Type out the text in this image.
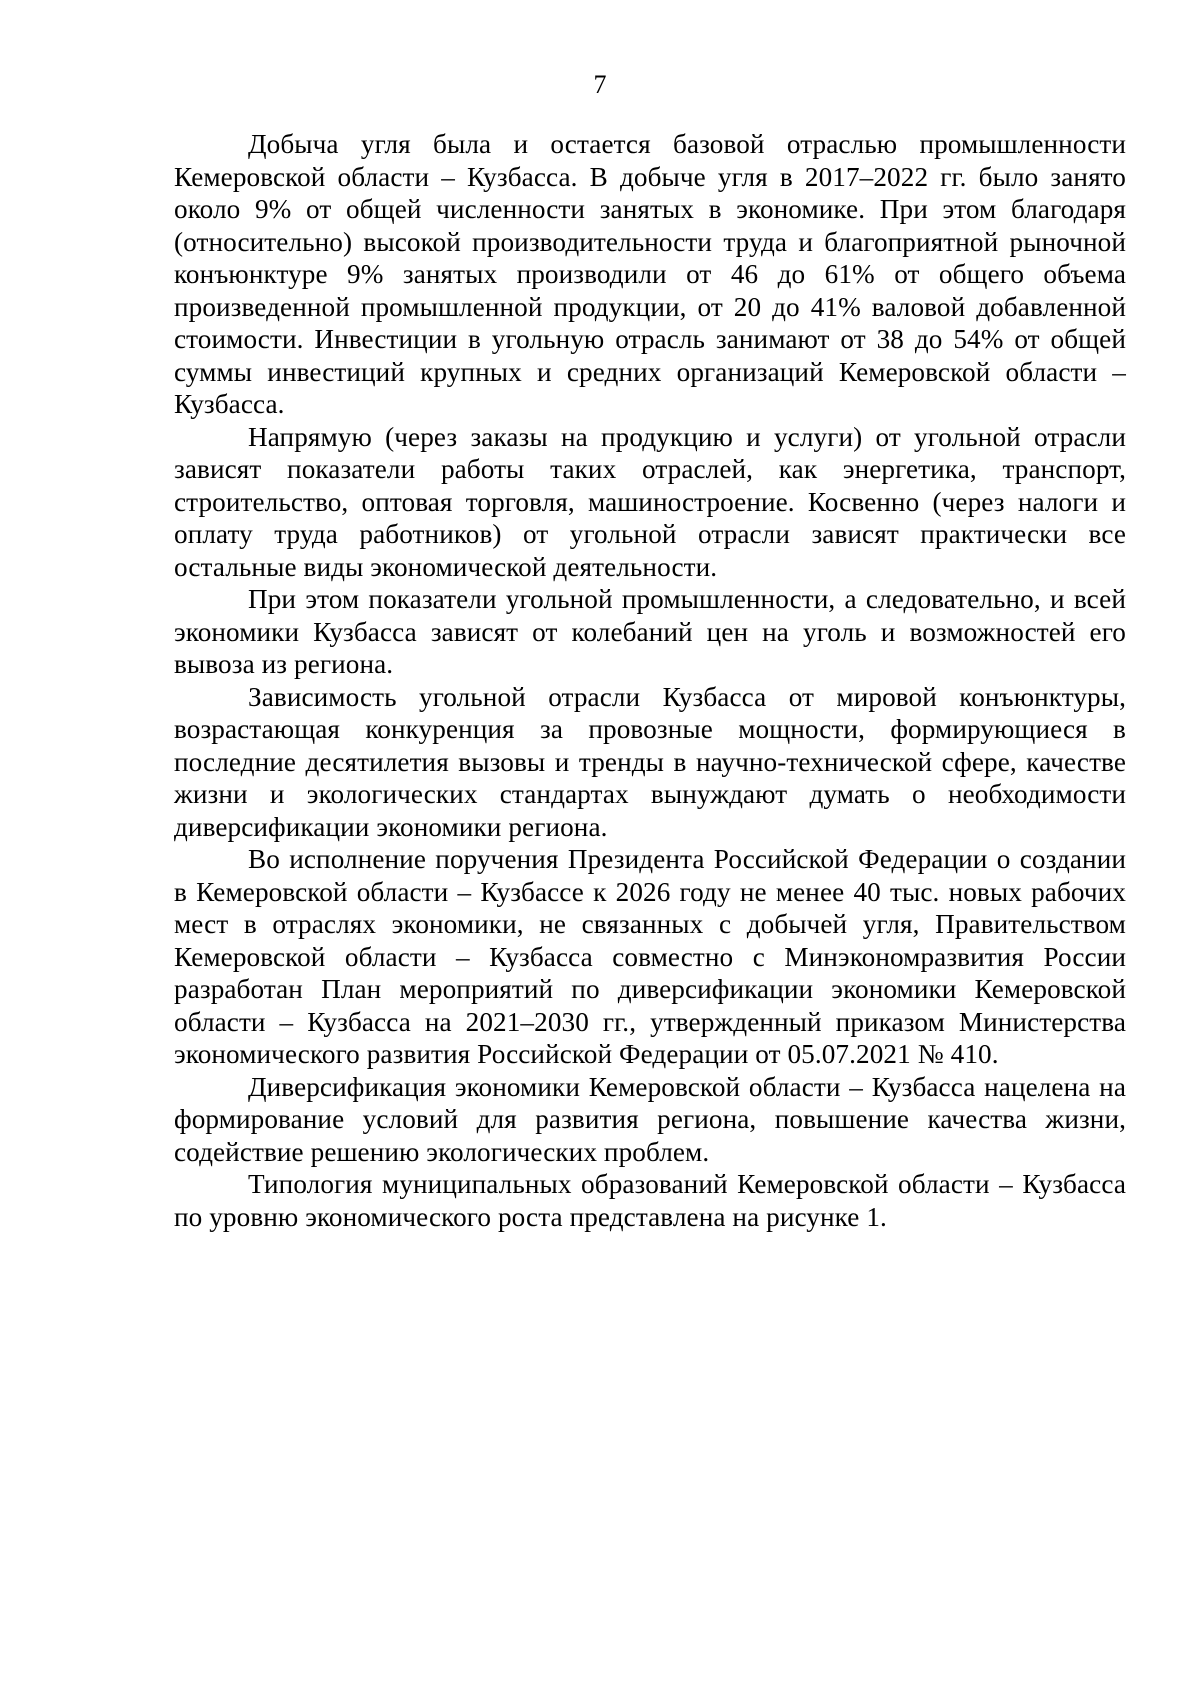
7

Добыча угля была и остается базовой отраслью промышленности Кемеровской области – Кузбасса. В добыче угля в 2017–2022 гг. было занято около 9% от общей численности занятых в экономике. При этом благодаря (относительно) высокой производительности труда и благоприятной рыночной конъюнктуре 9% занятых производили от 46 до 61% от общего объема произведенной промышленной продукции, от 20 до 41% валовой добавленной стоимости. Инвестиции в угольную отрасль занимают от 38 до 54% от общей суммы инвестиций крупных и средних организаций Кемеровской области – Кузбасса.

Напрямую (через заказы на продукцию и услуги) от угольной отрасли зависят показатели работы таких отраслей, как энергетика, транспорт, строительство, оптовая торговля, машиностроение. Косвенно (через налоги и оплату труда работников) от угольной отрасли зависят практически все остальные виды экономической деятельности.

При этом показатели угольной промышленности, а следовательно, и всей экономики Кузбасса зависят от колебаний цен на уголь и возможностей его вывоза из региона.

Зависимость угольной отрасли Кузбасса от мировой конъюнктуры, возрастающая конкуренция за провозные мощности, формирующиеся в последние десятилетия вызовы и тренды в научно-технической сфере, качестве жизни и экологических стандартах вынуждают думать о необходимости диверсификации экономики региона.

Во исполнение поручения Президента Российской Федерации о создании в Кемеровской области – Кузбассе к 2026 году не менее 40 тыс. новых рабочих мест в отраслях экономики, не связанных с добычей угля, Правительством Кемеровской области – Кузбасса совместно с Минэкономразвития России разработан План мероприятий по диверсификации экономики Кемеровской области – Кузбасса на 2021–2030 гг., утвержденный приказом Министерства экономического развития Российской Федерации от 05.07.2021 № 410.

Диверсификация экономики Кемеровской области – Кузбасса нацелена на формирование условий для развития региона, повышение качества жизни, содействие решению экологических проблем.

Типология муниципальных образований Кемеровской области – Кузбасса по уровню экономического роста представлена на рисунке 1.
